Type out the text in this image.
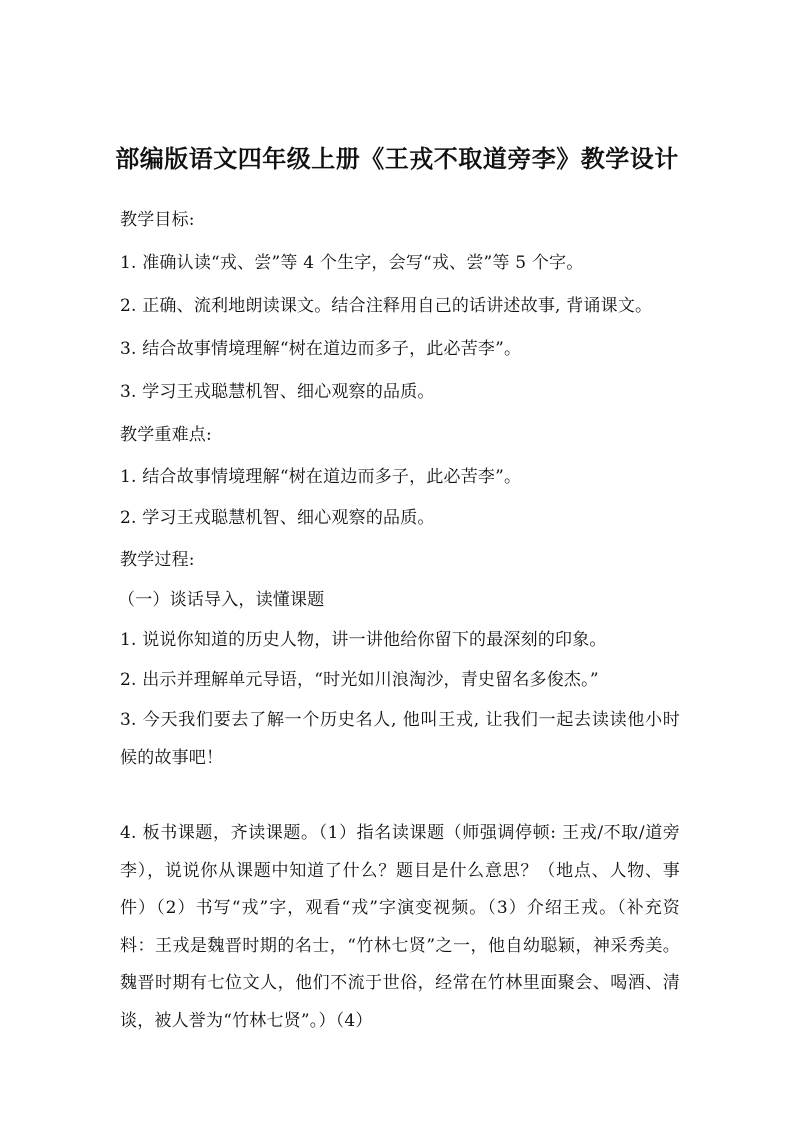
部编版语文四年级上册《王戎不取道旁李》教学设计
教学目标:
1. 准确认读“戎、尝”等 4 个生字，会写“戎、尝”等 5 个字。
2. 正确、流利地朗读课文。结合注释用自己的话讲述故事, 背诵课文。
3. 结合故事情境理解“树在道边而多子，此必苦李”。
3. 学习王戎聪慧机智、细心观察的品质。
教学重难点:
1. 结合故事情境理解“树在道边而多子，此必苦李”。
2. 学习王戎聪慧机智、细心观察的品质。
教学过程:
（一）谈话导入，读懂课题
1. 说说你知道的历史人物，讲一讲他给你留下的最深刻的印象。
2. 出示并理解单元导语，“时光如川浪淘沙，青史留名多俊杰。”
3. 今天我们要去了解一个历史名人, 他叫王戎, 让我们一起去读读他小时候的故事吧！
4. 板书课题，齐读课题。（1）指名读课题（师强调停顿: 王戎/不取/道旁李），说说你从课题中知道了什么？题目是什么意思？（地点、人物、事件）（2）书写“戎”字，观看“戎”字演变视频。（3）介绍王戎。（补充资料：王戎是魏晋时期的名士，“竹林七贤”之一，他自幼聪颖，神采秀美。魏晋时期有七位文人，他们不流于世俗，经常在竹林里面聚会、喝酒、清谈，被人誉为“竹林七贤”。）（4）
